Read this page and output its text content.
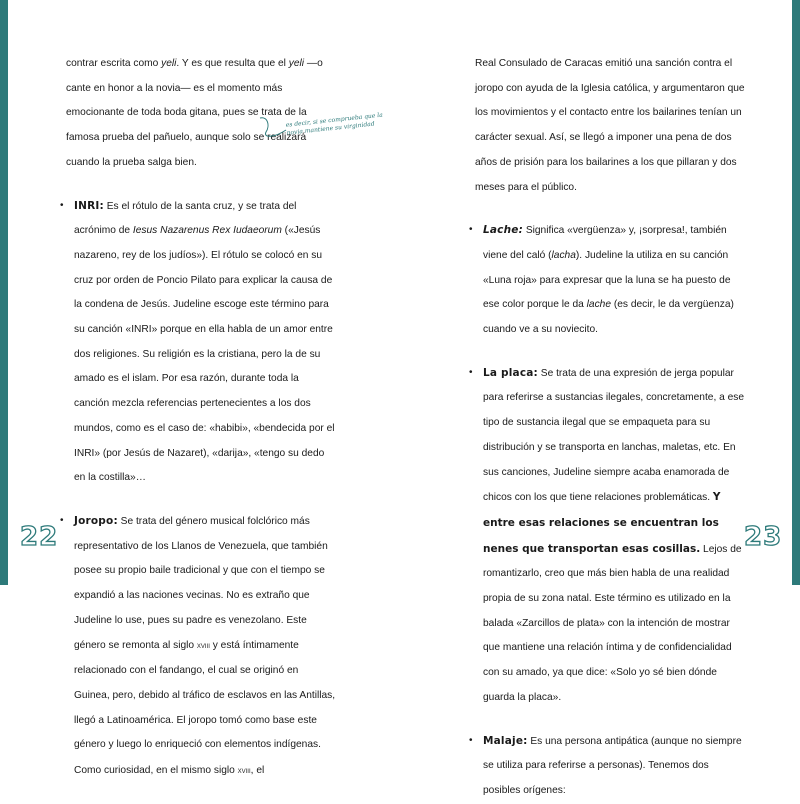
contrar escrita como yeli. Y es que resulta que el yeli —o cante en honor a la novia— es el momento más emocionante de toda boda gitana, pues se trata de la famosa prueba del pañuelo, aunque solo se realizará cuando la prueba salga bien.

• INRI: Es el rótulo de la santa cruz, y se trata del acrónimo de Iesus Nazarenus Rex Iudaeorum («Jesús nazareno, rey de los judíos»). El rótulo se colocó en su cruz por orden de Poncio Pilato para explicar la causa de la condena de Jesús. Judeline escoge este término para su canción «INRI» porque en ella habla de un amor entre dos religiones. Su religión es la cristiana, pero la de su amado es el islam. Por esa razón, durante toda la canción mezcla referencias pertenecientes a los dos mundos, como es el caso de: «habibi», «bendecida por el INRI» (por Jesús de Nazaret), «darija», «tengo su dedo en la costilla»…
• Joropo: Se trata del género musical folclórico más representativo de los Llanos de Venezuela, que también posee su propio baile tradicional y que con el tiempo se expandió a las naciones vecinas. No es extraño que Judeline lo use, pues su padre es venezolano. Este género se remonta al siglo xviii y está íntimamente relacionado con el fandango, el cual se originó en Guinea, pero, debido al tráfico de esclavos en las Antillas, llegó a Latinoamérica. El joropo tomó como base este género y luego lo enriqueció con elementos indígenas. Como curiosidad, en el mismo siglo xviii, el
es decir, si se comprueba que la novia mantiene su virginidad

Real Consulado de Caracas emitió una sanción contra el joropo con ayuda de la Iglesia católica, y argumentaron que los movimientos y el contacto entre los bailarines tenían un carácter sexual. Así, se llegó a imponer una pena de dos años de prisión para los bailarines a los que pillaran y dos meses para el público.

• Lache: Significa «vergüenza» y, ¡sorpresa!, también viene del caló (lacha). Judeline la utiliza en su canción «Luna roja» para expresar que la luna se ha puesto de ese color porque le da lache (es decir, le da vergüenza) cuando ve a su noviecito.
• La placa: Se trata de una expresión de jerga popular para referirse a sustancias ilegales, concretamente, a ese tipo de sustancia ilegal que se empaqueta para su distribución y se transporta en lanchas, maletas, etc. En sus canciones, Judeline siempre acaba enamorada de chicos con los que tiene relaciones problemáticas. Y entre esas relaciones se encuentran los nenes que transportan esas cosillas. Lejos de romantizarlo, creo que más bien habla de una realidad propia de su zona natal. Este término es utilizado en la balada «Zarcillos de plata» con la intención de mostrar que mantiene una relación íntima y de confidencialidad con su amado, ya que dice: «Solo yo sé bien dónde guarda la placa».
• Malaje: Es una persona antipática (aunque no siempre se utiliza para referirse a personas). Tenemos dos posibles orígenes:
22	23
